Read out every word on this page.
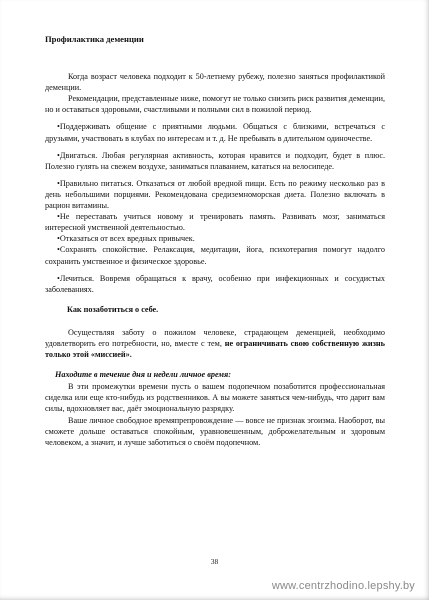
Профилактика деменции

Когда возраст человека подходит к 50-летнему рубежу, полезно заняться профилактикой деменции.

Рекомендации, представленные ниже, помогут не только снизить риск развития деменции, но и оставаться здоровыми, счастливыми и полными сил в пожилой период.

•Поддерживать общение с приятными людьми. Общаться с близкими, встречаться с друзьями, участвовать в клубах по интересам и т. д. Не пребывать в длительном одиночестве.

•Двигаться. Любая регулярная активность, которая нравится и подходит, будет в плюс. Полезно гулять на свежем воздухе, заниматься плаванием, кататься на велосипеде.

•Правильно питаться. Отказаться от любой вредной пищи. Есть по режиму несколько раз в день небольшими порциями. Рекомендована средиземноморская диета. Полезно включать в рацион витамины.

•Не переставать учиться новому и тренировать память. Развивать мозг, заниматься интересной умственной деятельностью.

•Отказаться от всех вредных привычек.

•Сохранять спокойствие. Релаксация, медитации, йога, психотерапия помогут надолго сохранить умственное и физическое здоровье.

•Лечиться. Вовремя обращаться к врачу, особенно при инфекционных и сосудистых заболеваниях.

Как позаботиться о себе.

Осуществляя заботу о пожилом человеке, страдающем деменцией, необходимо удовлетворить его потребности, но, вместе с тем, не ограничивать свою собственную жизнь только этой «миссией».

Находите в течение дня и недели личное время:

В эти промежутки времени пусть о вашем подопечном позаботится профессиональная сиделка или еще кто-нибудь из родственников. А вы можете заняться чем-нибудь, что дарит вам силы, вдохновляет вас, даёт эмоциональную разрядку.

Ваше личное свободное времяпрепровождение — вовсе не признак эгоизма. Наоборот, вы сможете дольше оставаться спокойным, уравновешенным, доброжелательным и здоровым человеком, а значит, и лучше заботиться о своём подопечном.

38
www.centrzhodino.lepshy.by
